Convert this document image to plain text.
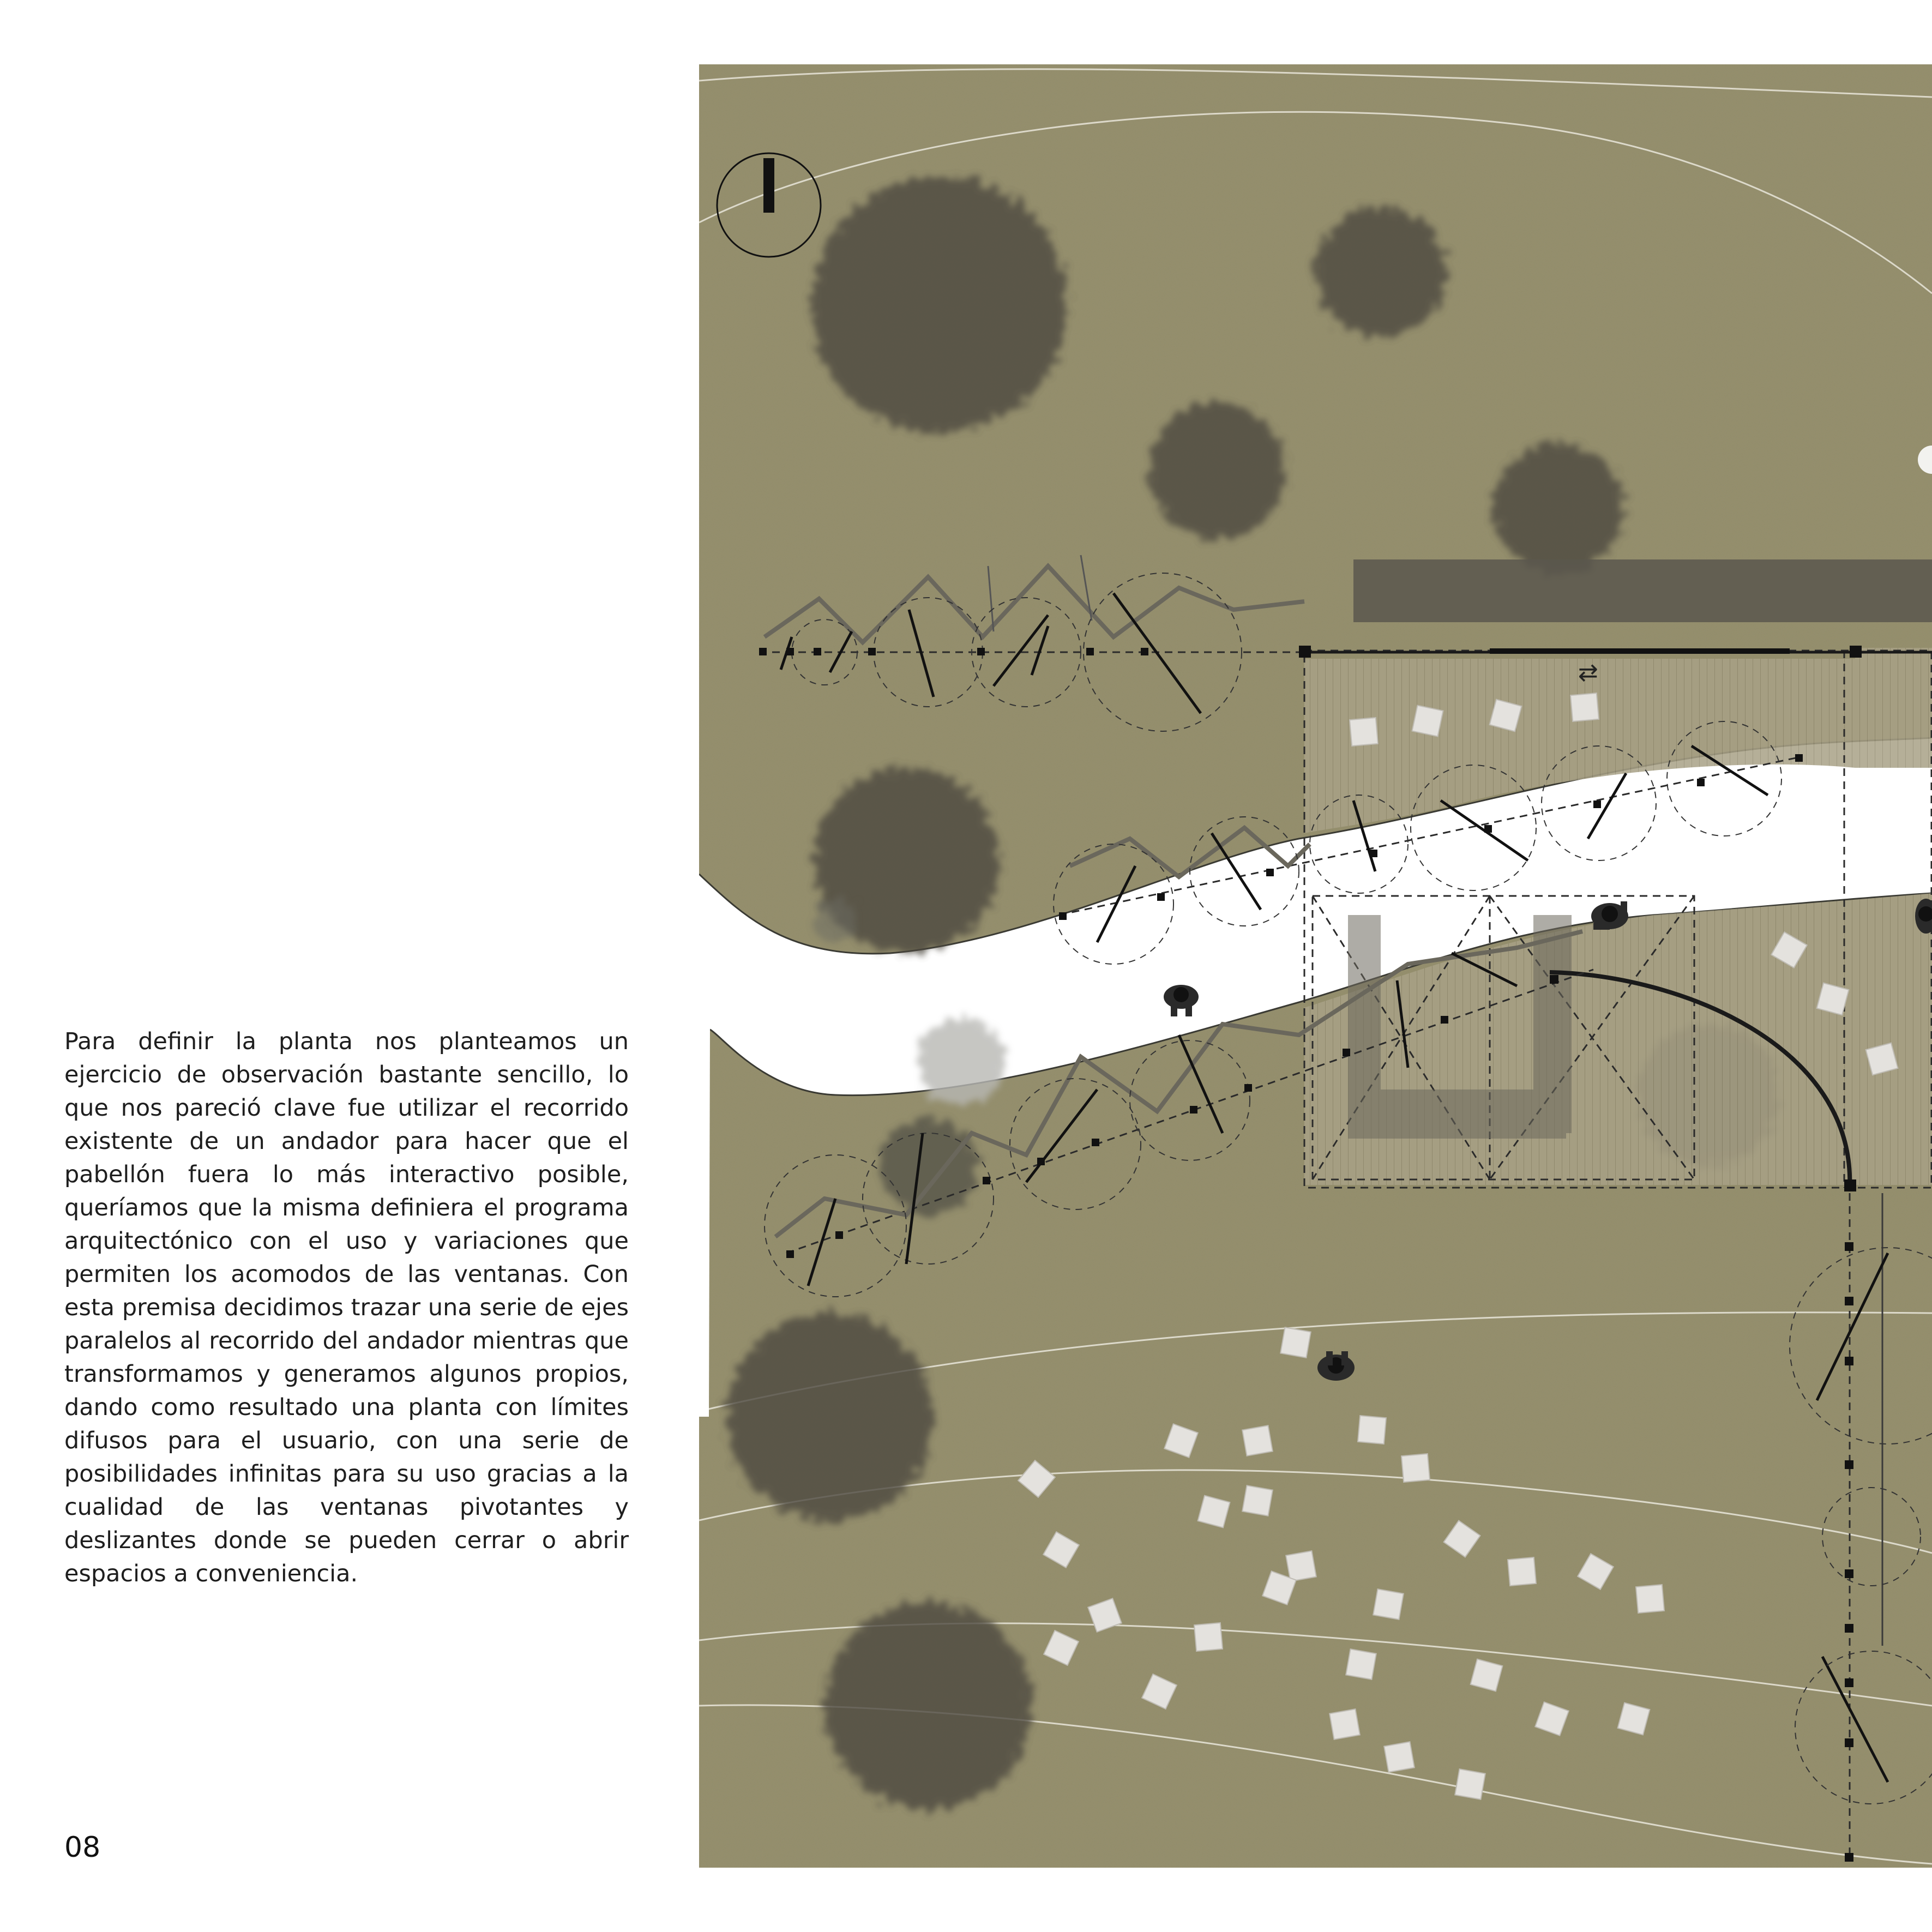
Para definir la planta nos planteamos un ejercicio de observación bastante sencillo, lo que nos pareció clave fue utilizar el recorrido existente de un andador para hacer que el pabellón fuera lo más interactivo posible, queríamos que la misma definiera el programa arquitectónico con el uso y variaciones que permiten los acomodos de las ventanas. Con esta premisa decidimos trazar una serie de ejes paralelos al recorrido del andador mientras que transformamos y generamos algunos propios, dando como resultado una planta con límites difusos para el usuario, con una serie de posibilidades infinitas para su uso gracias a la cualidad de las ventanas pivotantes y deslizantes donde se pueden cerrar o abrir espacios a conveniencia.
08
⇄
